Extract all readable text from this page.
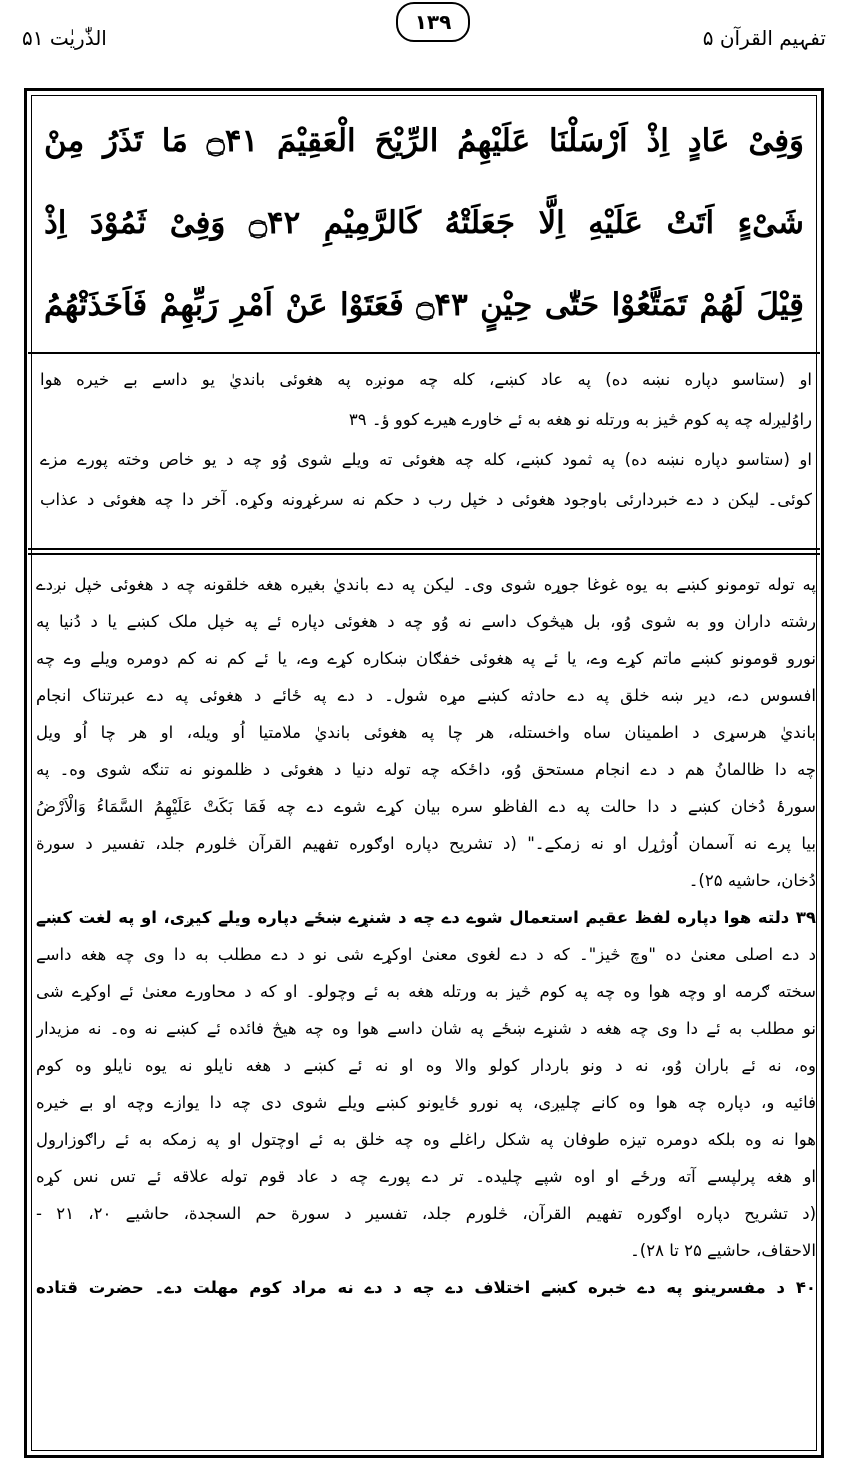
الذّٰریٰت ۵۱
۱۳۹
تفہیم القرآن ۵
وَفِیْ عَادٍ اِذْ اَرْسَلْنَا عَلَیْهِمُ الرِّیْحَ الْعَقِیْمَ ۝۴۱ مَا تَذَرُ مِنْ
شَیْءٍ اَتَتْ عَلَیْهِ اِلَّا جَعَلَتْهُ كَالرَّمِیْمِ ۝۴۲ وَفِیْ ثَمُوْدَ اِذْ
قِیْلَ لَهُمْ تَمَتَّعُوْا حَتّٰى حِیْنٍ ۝۴۳ فَعَتَوْا عَنْ اَمْرِ رَبِّهِمْ فَاَخَذَتْهُمُ
او (ستاسو دپاره نښه ده) په عاد کښے، کله چه مونږه په هغوئی بانديٰ يو داسے بے خيره هوا
راوُليږله چه په کوم څيز به ورتله نو هغه به ئے خاورے هيرے کوو ؤ۔ ۳۹
او (ستاسو دپاره نښه ده) په ثمود کښے، کله چه هغوئی ته ويلے شوی وُو چه د يو خاص وخته پورے مزے
کوئی۔ ليکن د دے خبردارئی باوجود هغوئی د خپل رب د حکم نه سرغړونه وکړه. آخر دا چه هغوئی د عذاب
په توله تومونو کښے به يوه غوغا جوړه شوی وی۔ ليکن په دے بانديٰ بغيره هغه خلقونه چه د هغوئی خپل نږدے
رشته داران وو به شوی وُو، بل هيڅوک داسے نه وُو چه د هغوئی دپاره ئے په خپل ملک کښے يا د دُنيا په
نورو قومونو کښے ماتم کړے وے، يا ئے په هغوئی خفګان ښکاره کړے وے، يا ئے کم نه کم دومره ويلے وے چه
افسوس دے، دير ښه خلق په دے حادثه کښے مړه شول۔ د دے په ځائے د هغوئی په دے عبرتناک انجام
بانديٰ هرسړی د اطمينان ساه واخستله، هر چا په هغوئی بانديٰ ملامتيا اُو ويله، او هر چا اُو ويل
چه دا ظالمانُ هم د دے انجام مستحق وُو، داځکه چه توله دنيا د هغوئی د ظلمونو نه تنګه شوی وه۔ په
سورۂ دُخان کښے د دا حالت په دے الفاظو سره بيان کړے شوے دے چه فَمَا بَكَتْ عَلَيْهِمُ السَّمَاءُ وَالْاَرْضُ
بيا پرے نه آسمان اُوژړل او نه زمکے۔" (د تشريح دپاره اوګوره تفهيم القرآن څلورم جلد، تفسير د سورة
دُخان، حاشيه ۲۵)۔
۳۹ دلته هوا دپاره لفظ عقيم استعمال شوے دے چه د شنړے ښځے دپاره ويلے کيږی، او په لغت کښے
د دے اصلی معنیٰ ده "وچ څيز"۔ که د دے لغوی معنیٰ اوکړے شی نو د دے مطلب به دا وی چه هغه داسے
سخته ګرمه او وچه هوا وه چه په کوم څيز به ورتله هغه به ئے وچولو۔ او که د محاورے معنیٰ ئے اوکړے شی
نو مطلب به ئے دا وی چه هغه د شنړے ښځے په شان داسے هوا وه چه هيڅ فائده ئے کښے نه وه۔ نه مزيدار
وه، نه ئے باران وُو، نه د ونو باردار کولو والا وه او نه ئے کښے د هغه نايلو نه يوه نايلو وه کوم
فائيه و، دپاره چه هوا وه کانے چليږی، په نورو ځايونو کښے ويلے شوی دی چه دا يوازے وچه او بے خيره
هوا نه وه بلکه دومره تيزه طوفان په شکل راغلے وه چه خلق به ئے اوچتول او په زمکه به ئے راګوزارول
او هغه پرلپسے آته ورځے او اوه شپے چليده۔ تر دے پورے چه د عاد قوم توله علاقه ئے تس نس کړه
(د تشريح دپاره اوګوره تفهيم القرآن، څلورم جلد، تفسير د سورة حم السجدة، حاشيے ۲۰، ۲۱ -
الاحقاف، حاشيے ۲۵ تا ۲۸)۔
۴۰ د مفسرينو په دے خبره کښے اختلاف دے چه د دے نه مراد کوم مهلت دے۔ حضرت قتاده
